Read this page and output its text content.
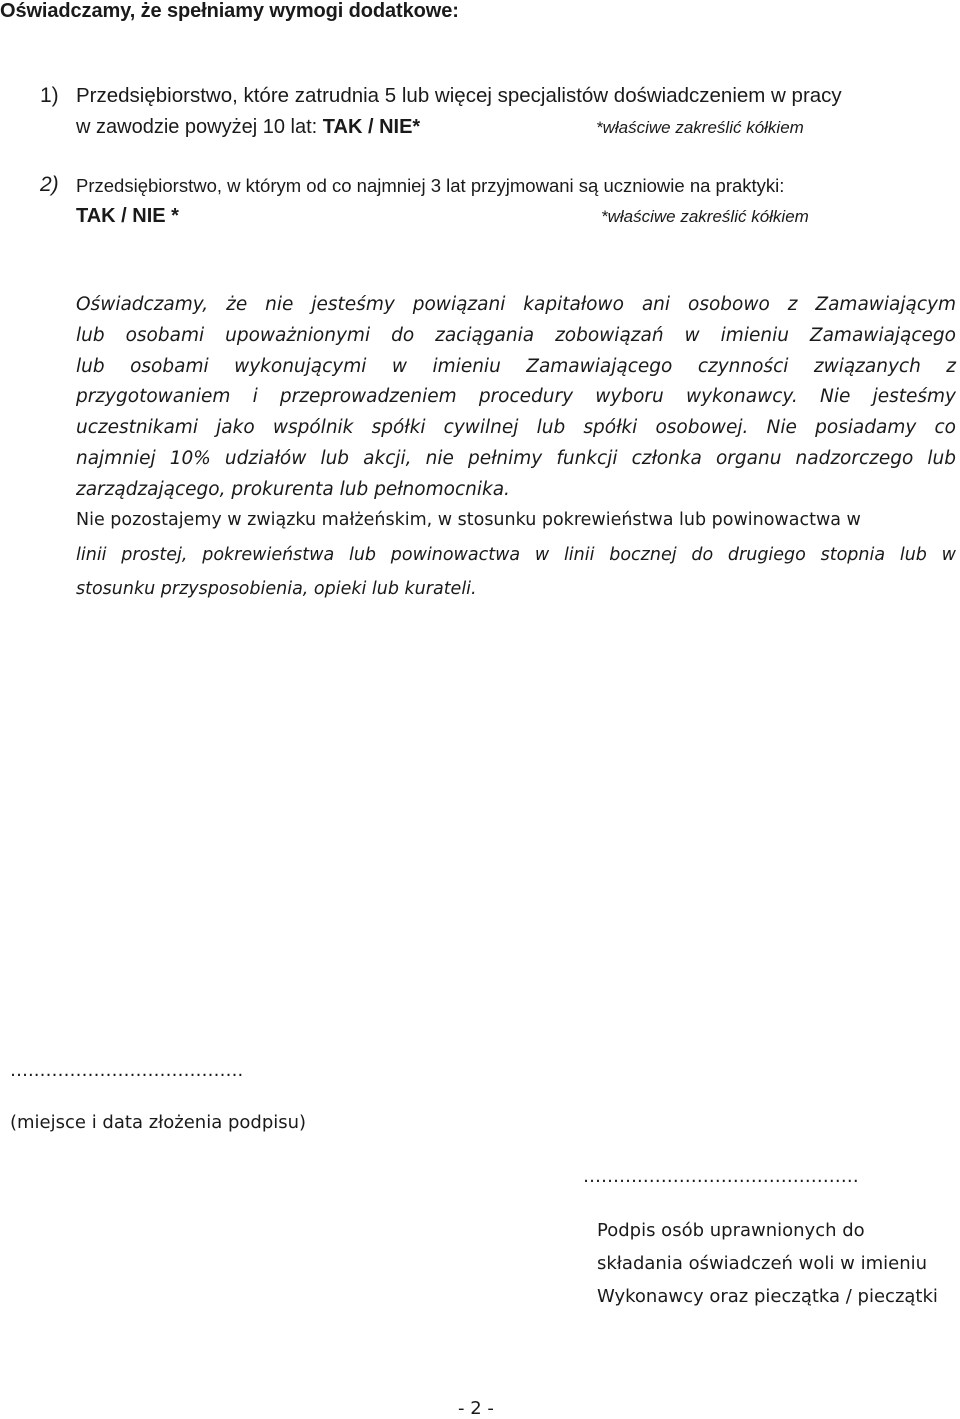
Oświadczamy, że spełniamy wymogi dodatkowe:
1) Przedsiębiorstwo, które zatrudnia 5 lub więcej specjalistów doświadczeniem w pracy
w zawodzie powyżej 10 lat: TAK / NIE*	*właściwe zakreślić kółkiem
2) Przedsiębiorstwo, w którym od co najmniej 3 lat przyjmowani są uczniowie na praktyki:
TAK / NIE *	*właściwe zakreślić kółkiem
Oświadczamy, że nie jesteśmy powiązani kapitałowo ani osobowo z Zamawiającym
lub osobami upoważnionymi do zaciągania zobowiązań w imieniu Zamawiającego
lub osobami wykonującymi w imieniu Zamawiającego czynności związanych z
przygotowaniem i przeprowadzeniem procedury wyboru wykonawcy. Nie jesteśmy
uczestnikami jako wspólnik spółki cywilnej lub spółki osobowej. Nie posiadamy co
najmniej 10% udziałów lub akcji, nie pełnimy funkcji członka organu nadzorczego lub
zarządzającego, prokurenta lub pełnomocnika.
Nie pozostajemy w związku małżeńskim, w stosunku pokrewieństwa lub powinowactwa w
linii prostej, pokrewieństwa lub powinowactwa w linii bocznej do drugiego stopnia lub w
stosunku przysposobienia, opieki lub kurateli.
…..…………………………….
(miejsce i data złożenia podpisu)
……….………………………………
Podpis osób uprawnionych do
składania oświadczeń woli w imieniu
Wykonawcy oraz pieczątka / pieczątki
- 2 -
